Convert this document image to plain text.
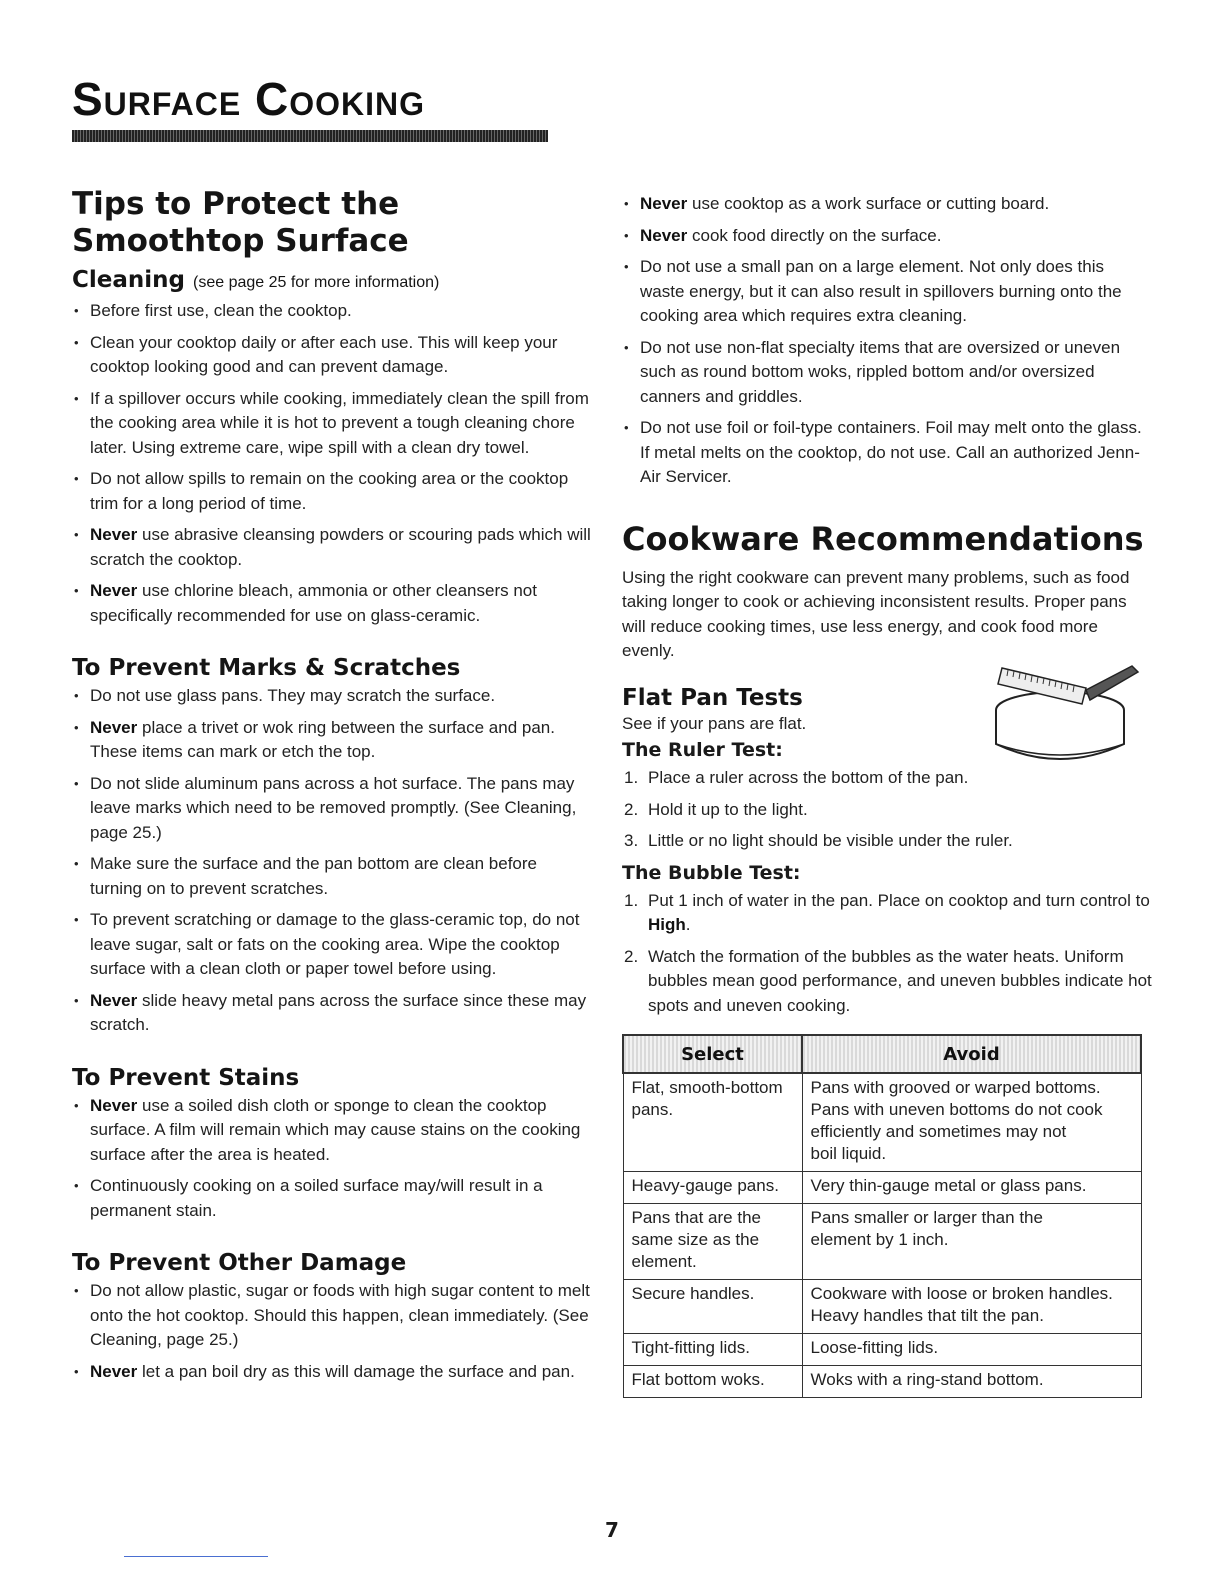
Surface Cooking
Tips to Protect the
Smoothtop Surface
Cleaning (see page 25 for more information)
• Before first use, clean the cooktop.
• Clean your cooktop daily or after each use. This will keep your cooktop looking good and can prevent damage.
• If a spillover occurs while cooking, immediately clean the spill from the cooking area while it is hot to prevent a tough cleaning chore later. Using extreme care, wipe spill with a clean dry towel.
• Do not allow spills to remain on the cooking area or the cooktop trim for a long period of time.
• Never use abrasive cleansing powders or scouring pads which will scratch the cooktop.
• Never use chlorine bleach, ammonia or other cleansers not specifically recommended for use on glass-ceramic.
To Prevent Marks & Scratches
• Do not use glass pans. They may scratch the surface.
• Never place a trivet or wok ring between the surface and pan. These items can mark or etch the top.
• Do not slide aluminum pans across a hot surface. The pans may leave marks which need to be removed promptly. (See Cleaning, page 25.)
• Make sure the surface and the pan bottom are clean before turning on to prevent scratches.
• To prevent scratching or damage to the glass-ceramic top, do not leave sugar, salt or fats on the cooking area. Wipe the cooktop surface with a clean cloth or paper towel before using.
• Never slide heavy metal pans across the surface since these may scratch.
To Prevent Stains
• Never use a soiled dish cloth or sponge to clean the cooktop surface. A film will remain which may cause stains on the cooking surface after the area is heated.
• Continuously cooking on a soiled surface may/will result in a permanent stain.
To Prevent Other Damage
• Do not allow plastic, sugar or foods with high sugar content to melt onto the hot cooktop. Should this happen, clean immediately. (See Cleaning, page 25.)
• Never let a pan boil dry as this will damage the surface and pan.
• Never use cooktop as a work surface or cutting board.
• Never cook food directly on the surface.
• Do not use a small pan on a large element. Not only does this waste energy, but it can also result in spillovers burning onto the cooking area which requires extra cleaning.
• Do not use non-flat specialty items that are oversized or uneven such as round bottom woks, rippled bottom and/or oversized canners and griddles.
• Do not use foil or foil-type containers. Foil may melt onto the glass. If metal melts on the cooktop, do not use. Call an authorized Jenn-Air Servicer.
Cookware Recommendations

Using the right cookware can prevent many problems, such as food taking longer to cook or achieving inconsistent results. Proper pans will reduce cooking times, use less energy, and cook food more evenly.

Flat Pan Tests

See if your pans are flat.

The Ruler Test:
1. Place a ruler across the bottom of the pan.
2. Hold it up to the light.
3. Little or no light should be visible under the ruler.
The Bubble Test:
1. Put 1 inch of water in the pan. Place on cooktop and turn control to High.
2. Watch the formation of the bubbles as the water heats. Uniform bubbles mean good performance, and uneven bubbles indicate hot spots and uneven cooking.
Select	Avoid

Flat, smooth-bottom
pans.	Pans with grooved or warped bottoms.
Pans with uneven bottoms do not cook
efficiently and sometimes may not
boil liquid.

Heavy-gauge pans.	Very thin-gauge metal or glass pans.

Pans that are the
same size as the
element.	Pans smaller or larger than the
element by 1 inch.

Secure handles.	Cookware with loose or broken handles.
Heavy handles that tilt the pan.

Tight-fitting lids.	Loose-fitting lids.

Flat bottom woks.	Woks with a ring-stand bottom.
7
